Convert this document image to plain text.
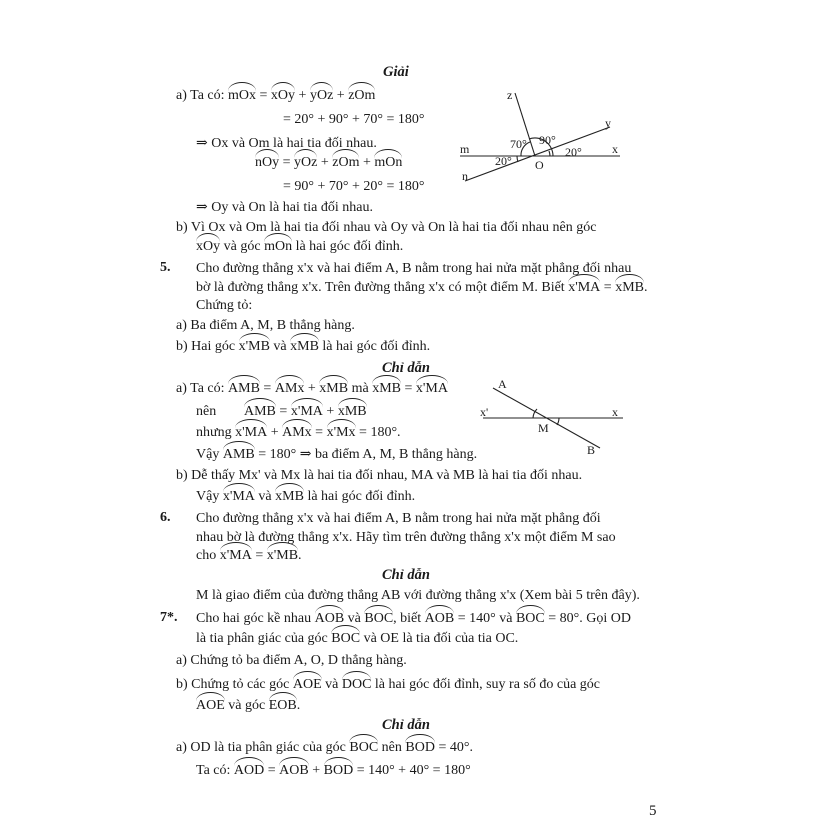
Giải
a) Ta có: mOx = xOy + yOz + zOm
= 20° + 90° + 70° = 180°
⇒ Ox và Om là hai tia đối nhau.
nOy = yOz + zOm + mOn
= 90° + 70° + 20° = 180°
⇒ Oy và On là hai tia đối nhau.
b) Vì Ox và Om là hai tia đối nhau và Oy và On là hai tia đối nhau nên góc
xOy và góc mOn là hai góc đối đỉnh.
z
y
m	x
n
O
70° 90°
20°
20°
5. Cho đường thẳng x'x và hai điểm A, B nằm trong hai nửa mặt phẳng đối nhau
bờ là đường thẳng x'x. Trên đường thẳng x'x có một điểm M. Biết x'MA = xMB.
Chứng tỏ:
a) Ba điểm A, M, B thẳng hàng.
b) Hai góc x'MB và xMB là hai góc đối đỉnh.
Chỉ dẫn
a) Ta có: AMB = AMx + xMB mà xMB = x'MA
nên AMB = x'MA + xMB
nhưng x'MA + AMx = x'Mx = 180°.
Vậy AMB = 180° ⇒ ba điểm A, M, B thẳng hàng.
b) Dễ thấy Mx' và Mx là hai tia đối nhau, MA và MB là hai tia đối nhau.
Vậy x'MA và xMB là hai góc đối đỉnh.
A
x'	x
M
B
6. Cho đường thẳng x'x và hai điểm A, B nằm trong hai nửa mặt phẳng đối
nhau bờ là đường thẳng x'x. Hãy tìm trên đường thẳng x'x một điểm M sao
cho x'MA = x'MB.
Chỉ dẫn
M là giao điểm của đường thẳng AB với đường thẳng x'x (Xem bài 5 trên đây).
7*. Cho hai góc kề nhau AOB và BOC, biết AOB = 140° và BOC = 80°. Gọi OD
là tia phân giác của góc BOC và OE là tia đối của tia OC.
a) Chứng tỏ ba điểm A, O, D thẳng hàng.
b) Chứng tỏ các góc AOE và DOC là hai góc đối đỉnh, suy ra số đo của góc
AOE và góc EOB.
Chỉ dẫn
a) OD là tia phân giác của góc BOC nên BOD = 40°.
Ta có: AOD = AOB + BOD = 140° + 40° = 180°
5
